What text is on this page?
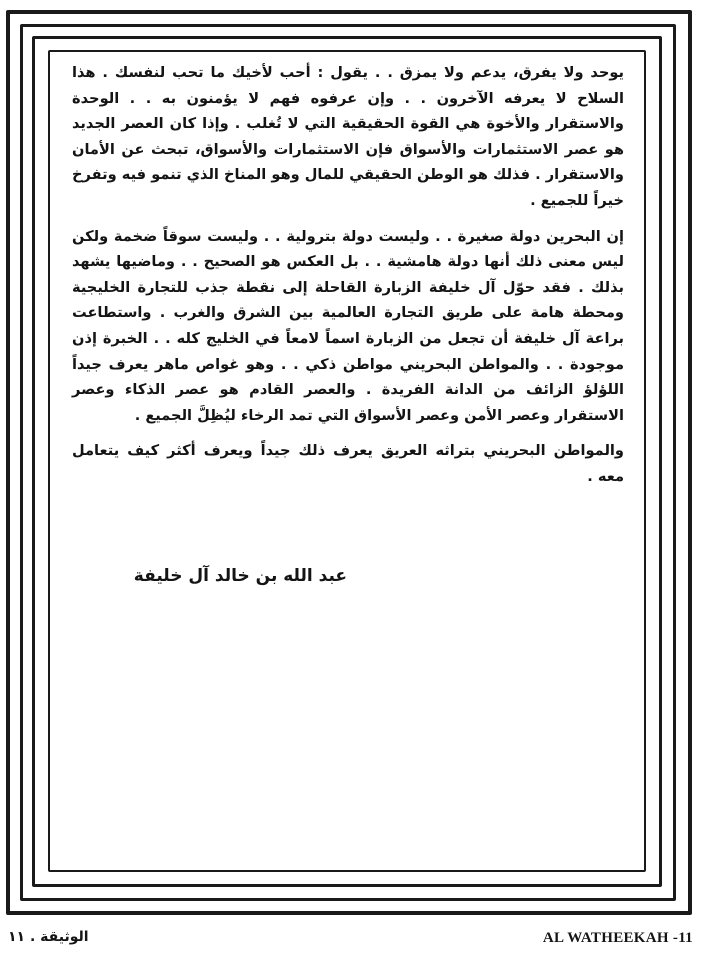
يوحد ولا يفرق، يدعم ولا يمزق . . يقول : أحب لأخيك ما تحب لنفسك . هذا السلاح لا يعرفه الآخرون . . وإن عرفوه فهم لا يؤمنون به . . الوحدة والاستقرار والأخوة هي القوة الحقيقية التي لا تُغلب . وإذا كان العصر الجديد هو عصر الاستثمارات والأسواق فإن الاستثمارات والأسواق، تبحث عن الأمان والاستقرار . فذلك هو الوطن الحقيقي للمال وهو المناخ الذي تنمو فيه وتفرخ خيراً للجميع .

إن البحرين دولة صغيرة . . وليست دولة بترولية . . وليست سوقاً ضخمة ولكن ليس معنى ذلك أنها دولة هامشية . . بل العكس هو الصحيح . . وماضيها يشهد بذلك . فقد حوّل آل خليفة الزبارة القاحلة إلى نقطة جذب للتجارة الخليجية ومحطة هامة على طريق التجارة العالمية بين الشرق والغرب . واستطاعت براعة آل خليفة أن تجعل من الزبارة اسماً لامعاً في الخليج كله . . الخبرة إذن موجودة . . والمواطن البحريني مواطن ذكي . . وهو غواص ماهر يعرف جيداً اللؤلؤ الزائف من الدانة الفريدة . والعصر القادم هو عصر الذكاء وعصر الاستقرار وعصر الأمن وعصر الأسواق التي تمد الرخاء ليُظِلَّ الجميع .

والمواطن البحريني بتراثه العريق يعرف ذلك جيداً ويعرف أكثر كيف يتعامل معه .

عبد الله بن خالد آل خليفة
الوثيقة . ١١	AL WATHEEKAH -11
